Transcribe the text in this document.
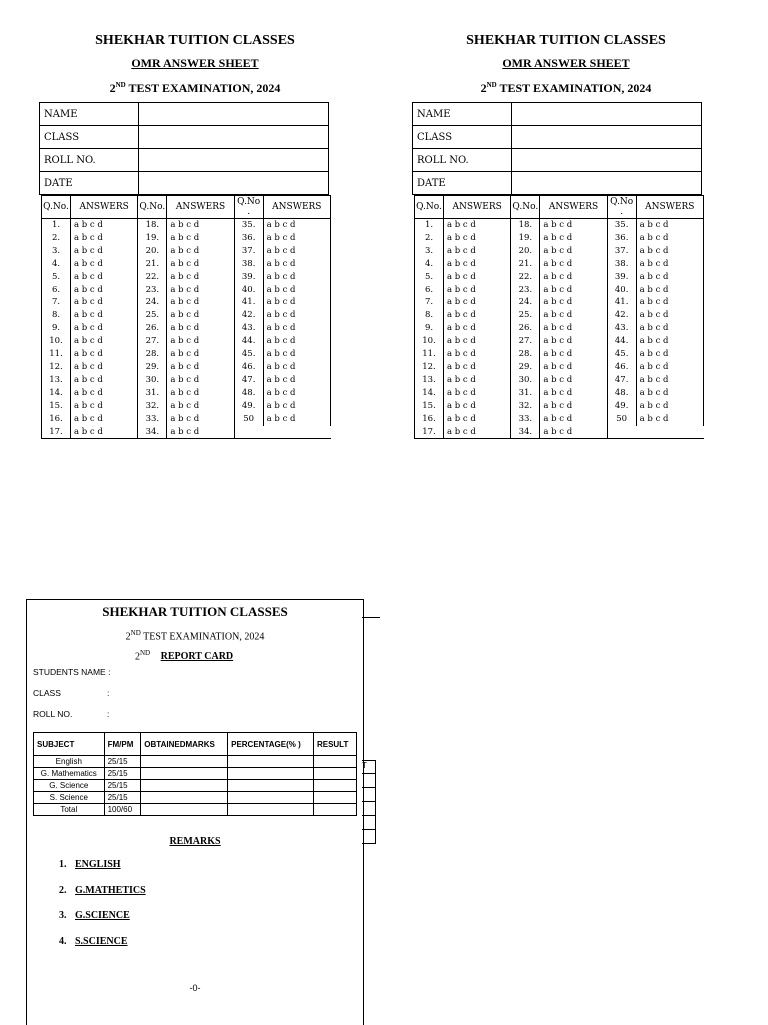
SHEKHAR TUITION CLASSES
OMR ANSWER SHEET
2ND TEST EXAMINATION, 2024
NAME	
CLASS	
ROLL NO.	
DATE	
Q.No.	ANSWERS	Q.No.	ANSWERS	Q.No .	ANSWERS
1.	a b c d	18.	a b c d	35.	a b c d
2.	a b c d	19.	a b c d	36.	a b c d
3.	a b c d	20.	a b c d	37.	a b c d
4.	a b c d	21.	a b c d	38.	a b c d
5.	a b c d	22.	a b c d	39.	a b c d
6.	a b c d	23.	a b c d	40.	a b c d
7.	a b c d	24.	a b c d	41.	a b c d
8.	a b c d	25.	a b c d	42.	a b c d
9.	a b c d	26.	a b c d	43.	a b c d
10.	a b c d	27.	a b c d	44.	a b c d
11.	a b c d	28.	a b c d	45.	a b c d
12.	a b c d	29.	a b c d	46.	a b c d
13.	a b c d	30.	a b c d	47.	a b c d
14.	a b c d	31.	a b c d	48.	a b c d
15.	a b c d	32.	a b c d	49.	a b c d
16.	a b c d	33.	a b c d	50	a b c d
17.	a b c d	34.	a b c d		
SHEKHAR TUITION CLASSES
OMR ANSWER SHEET
2ND TEST EXAMINATION, 2024
NAME	
CLASS	
ROLL NO.	
DATE	
Q.No.	ANSWERS	Q.No.	ANSWERS	Q.No .	ANSWERS
1.	a b c d	18.	a b c d	35.	a b c d
2.	a b c d	19.	a b c d	36.	a b c d
3.	a b c d	20.	a b c d	37.	a b c d
4.	a b c d	21.	a b c d	38.	a b c d
5.	a b c d	22.	a b c d	39.	a b c d
6.	a b c d	23.	a b c d	40.	a b c d
7.	a b c d	24.	a b c d	41.	a b c d
8.	a b c d	25.	a b c d	42.	a b c d
9.	a b c d	26.	a b c d	43.	a b c d
10.	a b c d	27.	a b c d	44.	a b c d
11.	a b c d	28.	a b c d	45.	a b c d
12.	a b c d	29.	a b c d	46.	a b c d
13.	a b c d	30.	a b c d	47.	a b c d
14.	a b c d	31.	a b c d	48.	a b c d
15.	a b c d	32.	a b c d	49.	a b c d
16.	a b c d	33.	a b c d	50	a b c d
17.	a b c d	34.	a b c d		
T
SHEKHAR TUITION CLASSES
2ND TEST EXAMINATION, 2024
2ND REPORT CARD
STUDENTS NAME :
CLASS	:
ROLL NO.	:
SUBJECT	FM/PM	OBTAINEDMARKS	PERCENTAGE(% )	RESULT
English	25/15			
G. Mathematics	25/15			
G. Science	25/15			
S. Science	25/15			
Total	100/60			
REMARKS
1. ENGLISH
2. G.MATHETICS
3. G.SCIENCE
4. S.SCIENCE
-0-
